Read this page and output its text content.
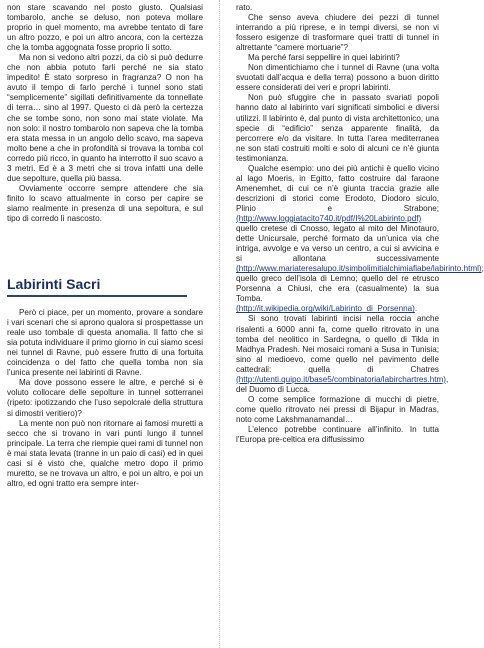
non stare scavando nel posto giusto. Qualsiasi tombarolo, anche se deluso, non poteva mollare proprio in quel momento, ma avrebbe tentato di fare un altro pozzo, e poi un altro ancora, con la certezza che la tomba aggognata fosse proprio lì sotto.

Ma non si vedono altri pozzi, da ciò si può dedurre che non abbia potuto farli perché ne sia stato impedito! È stato sorpreso in fragranza? O non ha avuto il tempo di farlo perché i tunnel sono stati “semplicemente” sigillati definitivamente da tonnellate di terra… sino al 1997. Questo ci dà però la certezza che se tombe sono, non sono mai state violate. Ma non solo: il nostro tombarolo non sapeva che la tomba era stata messa in un angolo dello scavo, ma sapeva molto bene a che in profondità si trovava la tomba col corredo più ricco, in quanto ha interrotto il suo scavo a 3 metri. Ed è a 3 metri che si trova infatti una delle due sepolture, quella più bassa.

Ovviamente occorre sempre attendere che sia finito lo scavo attualmente in corso per capire se siamo realmente in presenza di una sepoltura, e sul tipo di corredo lì nascosto.

Labirinti Sacri

Però ci piace, per un momento, provare a sondare i vari scenari che si aprono qualora si prospettasse un reale uso tombale di questa anomalia. Il fatto che si sia potuta individuare il primo giorno in cui siamo scesi nei tunnel di Ravne, può essere frutto di una fortuita coincidenza o del fatto che quella tomba non sia l’unica presente nei labirinti di Ravne.

Ma dove possono essere le altre, e perché si è voluto collocare delle sepolture in tunnel sotterranei (ripeto: ipotizzando che l’uso sepolcrale della struttura si dimostri veritiero)?

La mente non può non ritornare ai famosi muretti a secco che si trovano in vari punti lungo il tunnel principale. La terra che riempie quei rami di tunnel non è mai stata levata (tranne in un paio di casi) ed in quei casi si è visto che, qualche metro dopo il primo muretto, se ne trovava un altro, e poi un altro, e poi un altro, ed ogni tratto era sempre inter-

rato.

Che senso aveva chiudere dei pezzi di tunnel interrando a più riprese, e in tempi diversi, se non vi fossero esigenze di trasformare quei tratti di tunnel in altrettante “camere mortuarie”?

Ma perché farsi seppellire in quei labirinti?

Non dimentichiamo che i tunnel di Ravne (una volta svuotati dall’acqua e della terra) possono a buon diritto essere considerati dei veri e propri labirinti.

Non può sfuggire che in passato svariati popoli hanno dato al labirinto vari significati simbolici e diversi utilizzi. Il labirinto è, dal punto di vista architettonico, una specie di “edificio” senza apparente finalità, da percorrere e/o da visitare. In tutta l’area mediterranea ne son stati costruiti molti e solo di alcuni ce n’è giunta testimonianza.

Qualche esempio: uno dei più antichi è quello vicino al lago Moeris, in Egitto, fatto costruire dal faraone Amenemhet, di cui ce n’è giunta traccia grazie alle descrizioni di storici come Erodoto, Diodoro siculo, Plinio e Strabone; (http://www.loggiatacito740.it/pdf/I%20Labirinto.pdf) quello cretese di Cnosso, legato al mito del Minotauro, dette Unicursale, perché formato da un’unica via che intriga, avvolge e va verso un centro, a cui si avvicina e si allontana successivamente (http://www.mariateresalupo.it/simbolimitialchimiafiabe/labirinto.html); quello greco dell’isola di Lemno; quello del re etrusco Porsenna a Chiusi, che era (casualmente) la sua Tomba. (http://it.wikipedia.org/wiki/Labirinto_di_Porsenna).

Si sono trovati labirinti incisi nella roccia anche risalenti a 6000 anni fa, come quello ritrovato in una tomba del neolitico in Sardegna, o quello di Tikla in Madhya Pradesh. Nei mosaici romani a Susa in Tunisia; sino al medioevo, come quello nel pavimento delle cattedrali: quella di Chatres (http://utenti.quipo.it/base5/combinatoria/labirchartres.htm), del Duomo di Lucca.

O come semplice formazione di mucchi di pietre, come quello ritrovato nei pressi di Bijapur in Madras, noto come Lakshmanamandal…

L’elenco potrebbe continuare all’infinito. In tutta l’Europa pre-celtica era diffusissimo
